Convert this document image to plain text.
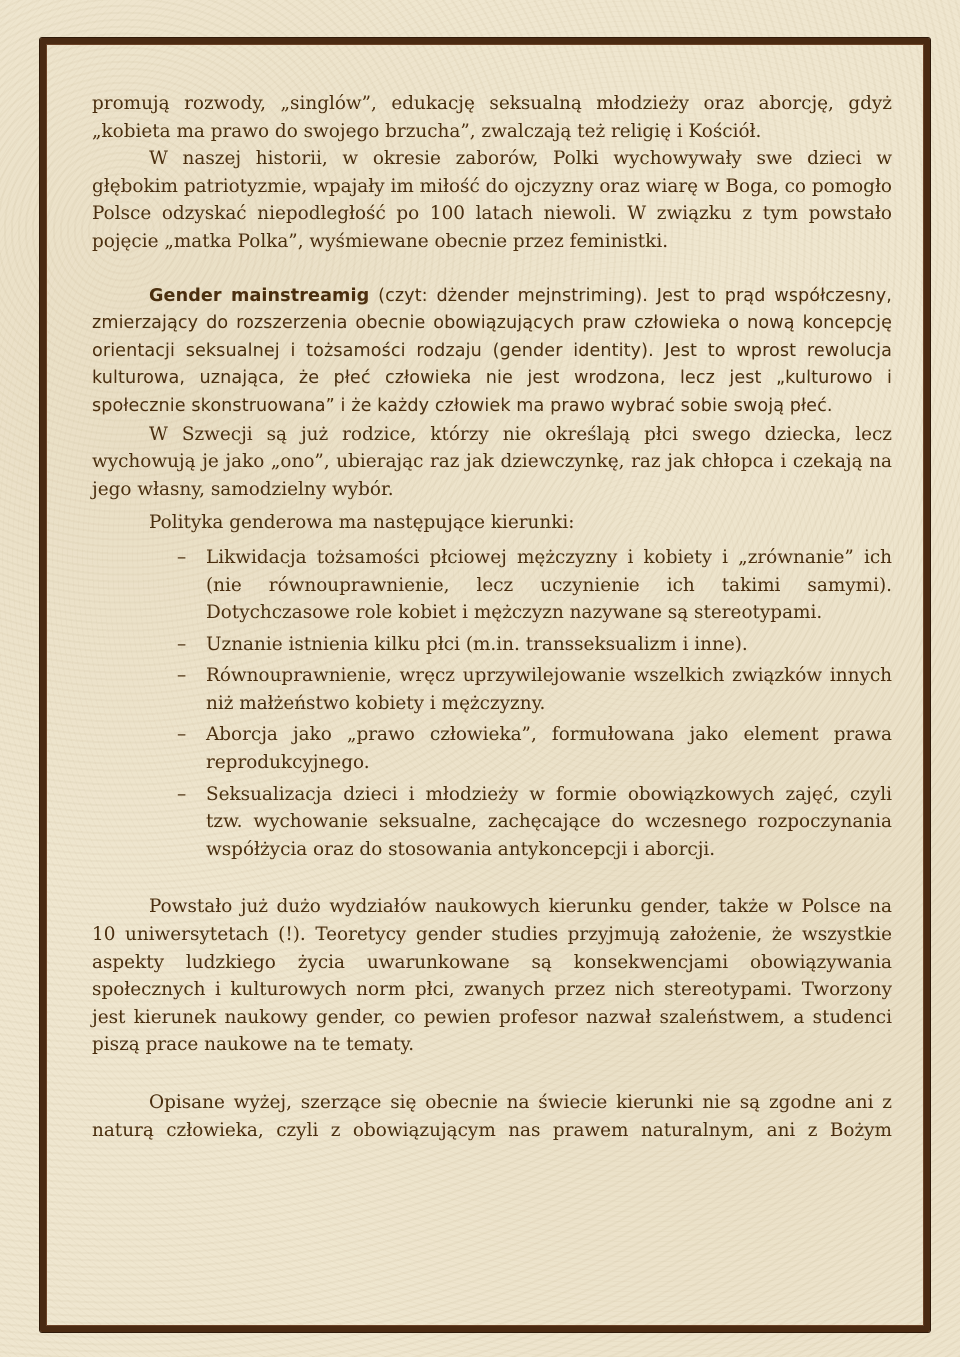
promują rozwody, „singlów”, edukację seksualną młodzieży oraz aborcję, gdyż „kobieta ma prawo do swojego brzucha”, zwalczają też religię i Kościół.

W naszej historii, w okresie zaborów, Polki wychowywały swe dzieci w głębokim patriotyzmie, wpajały im miłość do ojczyzny oraz wiarę w Boga, co pomogło Polsce odzyskać niepodległość po 100 latach niewoli. W związku z tym powstało pojęcie „matka Polka”, wyśmiewane obecnie przez feministki.

Gender mainstreamig (czyt: dżender mejnstriming). Jest to prąd współczesny, zmierzający do rozszerzenia obecnie obowiązujących praw człowieka o nową koncepcję orientacji seksualnej i tożsamości rodzaju (gender identity). Jest to wprost rewolucja kulturowa, uznająca, że płeć człowieka nie jest wrodzona, lecz jest „kulturowo i społecznie skonstruowana” i że każdy człowiek ma prawo wybrać sobie swoją płeć.

W Szwecji są już rodzice, którzy nie określają płci swego dziecka, lecz wychowują je jako „ono”, ubierając raz jak dziewczynkę, raz jak chłopca i czekają na jego własny, samodzielny wybór.

Polityka genderowa ma następujące kierunki:

– Likwidacja tożsamości płciowej mężczyzny i kobiety i „zrównanie” ich (nie równouprawnienie, lecz uczynienie ich takimi samymi). Dotychczasowe role kobiet i mężczyzn nazywane są stereotypami.
– Uznanie istnienia kilku płci (m.in. transseksualizm i inne).
– Równouprawnienie, wręcz uprzywilejowanie wszelkich związków innych niż małżeństwo kobiety i mężczyzny.
– Aborcja jako „prawo człowieka”, formułowana jako element prawa reprodukcyjnego.
– Seksualizacja dzieci i młodzieży w formie obowiązkowych zajęć, czyli tzw. wychowanie seksualne, zachęcające do wczesnego rozpoczynania współżycia oraz do stosowania antykoncepcji i aborcji.

Powstało już dużo wydziałów naukowych kierunku gender, także w Polsce na 10 uniwersytetach (!). Teoretycy gender studies przyjmują założenie, że wszystkie aspekty ludzkiego życia uwarunkowane są konsekwencjami obowiązywania społecznych i kulturowych norm płci, zwanych przez nich stereotypami. Tworzony jest kierunek naukowy gender, co pewien profesor nazwał szaleństwem, a studenci piszą prace naukowe na te tematy.

Opisane wyżej, szerzące się obecnie na świecie kierunki nie są zgodne ani z naturą człowieka, czyli z obowiązującym nas prawem naturalnym, ani z Bożym
